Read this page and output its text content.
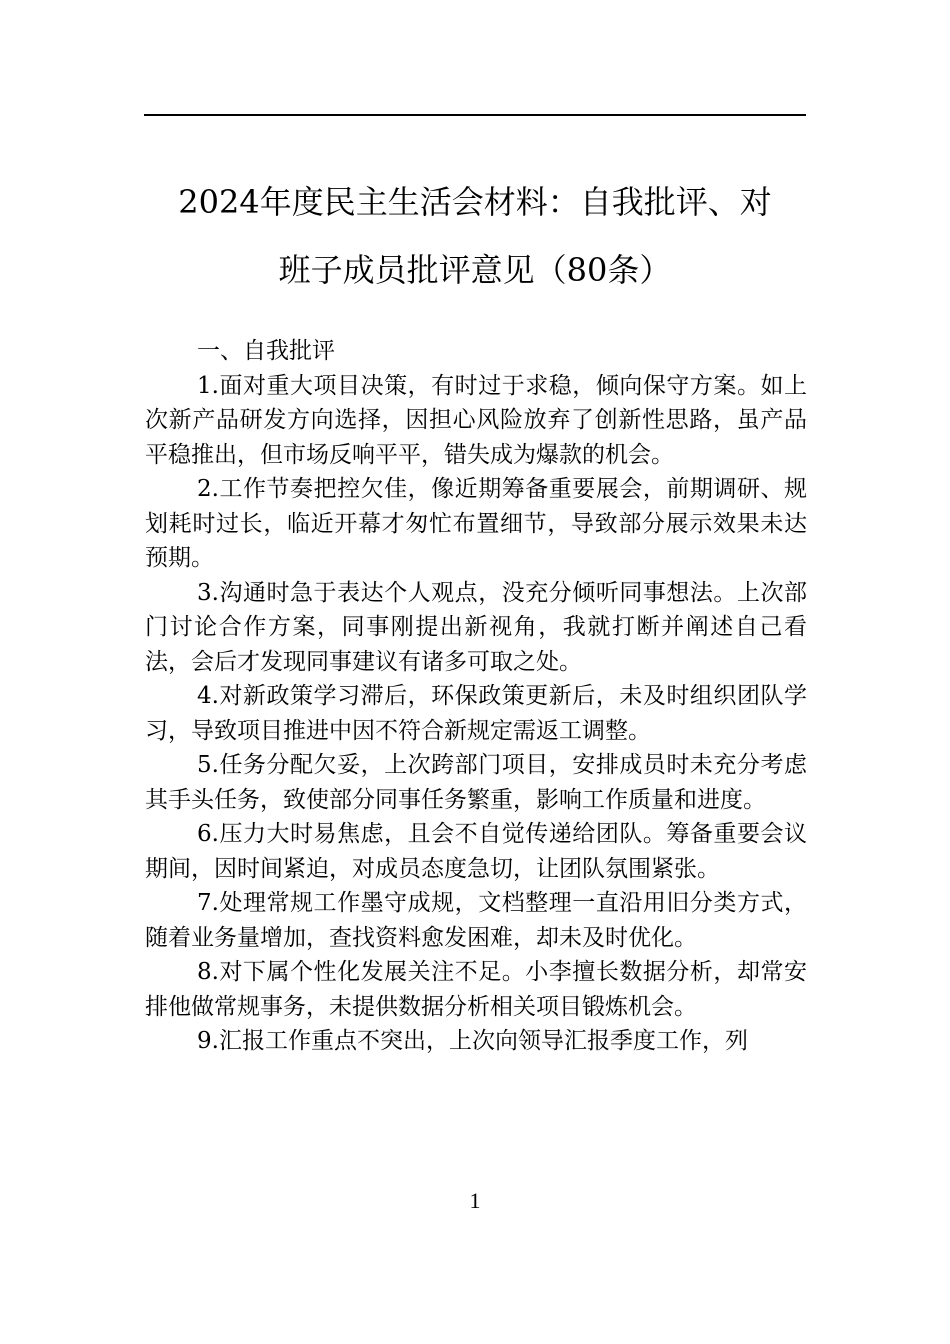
2024年度民主生活会材料：自我批评、对
班子成员批评意见（80条）
一、自我批评

1.面对重大项目决策，有时过于求稳，倾向保守方案。如上次新产品研发方向选择，因担心风险放弃了创新性思路，虽产品平稳推出，但市场反响平平，错失成为爆款的机会。

2.工作节奏把控欠佳，像近期筹备重要展会，前期调研、规划耗时过长，临近开幕才匆忙布置细节，导致部分展示效果未达预期。

3.沟通时急于表达个人观点，没充分倾听同事想法。上次部门讨论合作方案，同事刚提出新视角，我就打断并阐述自己看法，会后才发现同事建议有诸多可取之处。

4.对新政策学习滞后，环保政策更新后，未及时组织团队学习，导致项目推进中因不符合新规定需返工调整。

5.任务分配欠妥，上次跨部门项目，安排成员时未充分考虑其手头任务，致使部分同事任务繁重，影响工作质量和进度。

6.压力大时易焦虑，且会不自觉传递给团队。筹备重要会议期间，因时间紧迫，对成员态度急切，让团队氛围紧张。

7.处理常规工作墨守成规，文档整理一直沿用旧分类方式，随着业务量增加，查找资料愈发困难，却未及时优化。

8.对下属个性化发展关注不足。小李擅长数据分析，却常安排他做常规事务，未提供数据分析相关项目锻炼机会。

9.汇报工作重点不突出，上次向领导汇报季度工作，列

1
